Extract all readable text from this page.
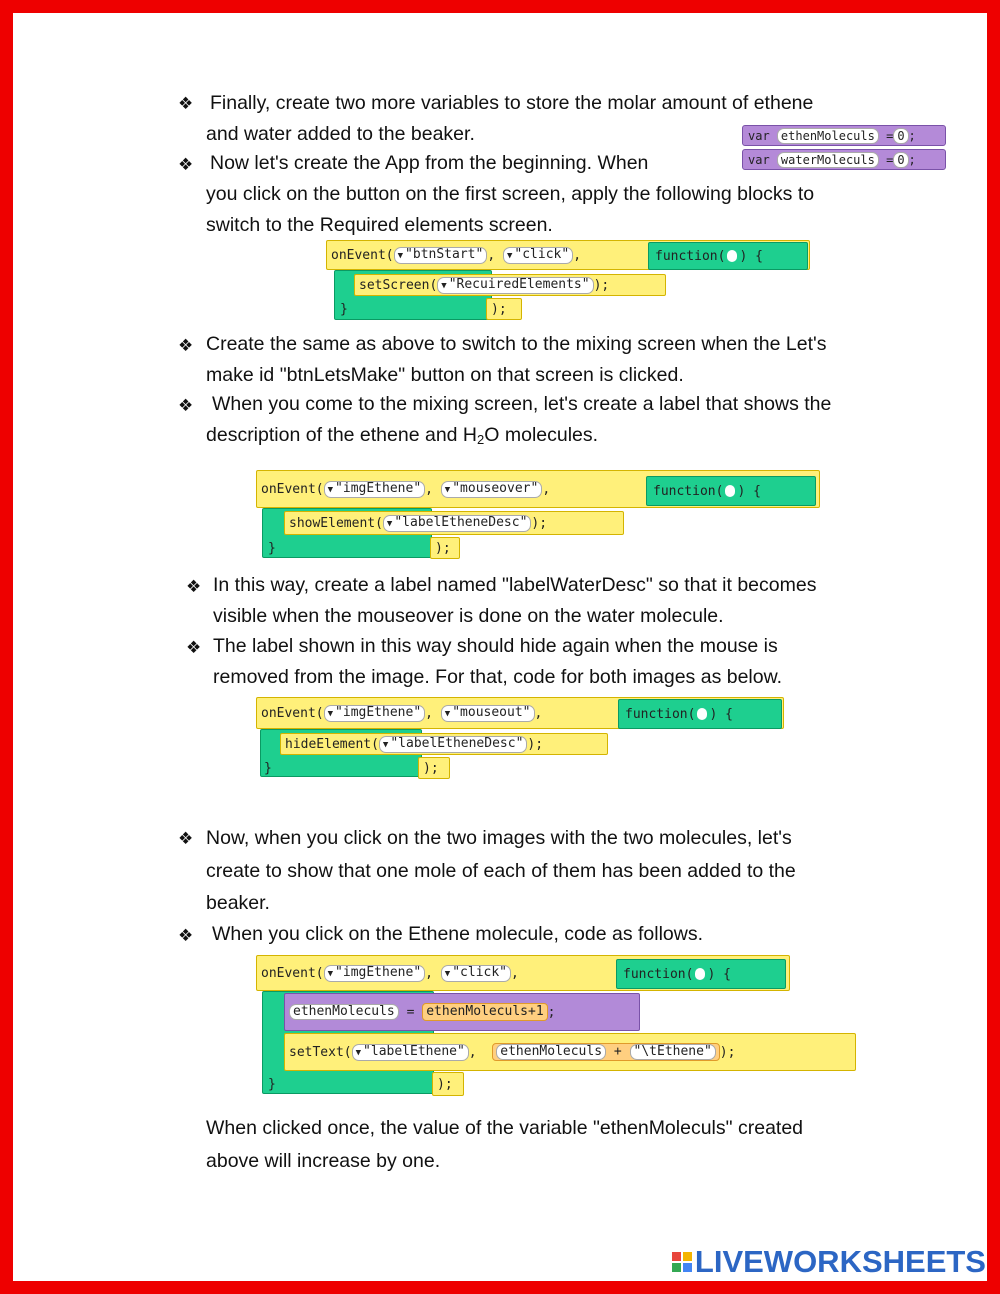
❖ Finally, create two more variables to store the molar amount of ethene
and water added to the beaker.	var
ethenMoleculs
= 0 ;
var
waterMoleculs
= 0 ;
❖ Now let's create the App from the beginning. When
you click on the button on the first screen, apply the following blocks to
switch to the Required elements screen.
onEvent( ▼ "btnStart" ,
	▼ "click" ,	function( ) {
setScreen( ▼ "RecuiredElements" );
);
}
❖ Create the same as above to switch to the mixing screen when the Let's
make id "btnLetsMake" button on that screen is clicked.
❖ When you come to the mixing screen, let's create a label that shows the
description of the ethene and $H_2O$ molecules.
onEvent( ▼ "imgEthene" ,
	▼ "mouseover" ,	function( ) {
showElement( ▼ "labelEtheneDesc" );
);
}
❖ In this way, create a label named "labelWaterDesc" so that it becomes
visible when the mouseover is done on the water molecule.
❖ The label shown in this way should hide again when the mouse is
removed from the image. For that, code for both images as below.
onEvent( ▼ "imgEthene" ,
	▼ "mouseout" ,	function( ) {
hideElement( ▼ "labelEtheneDesc" );
);
}
❖ Now, when you click on the two images with the two molecules, let's
create to show that one mole of each of them has been added to the
beaker.
❖ When you click on the Ethene molecule, code as follows.
onEvent( ▼ "imgEthene" ,
	▼ "click" ,	function( ) {
ethenMoleculs
=
ethenMoleculs+1 ;
setText( ▼ "labelEthene" ,
	ethenMoleculs + "\tEthene" );
);
}
When clicked once, the value of the variable "ethenMoleculs" created
above will increase by one.
LIVEWORKSHEETS
